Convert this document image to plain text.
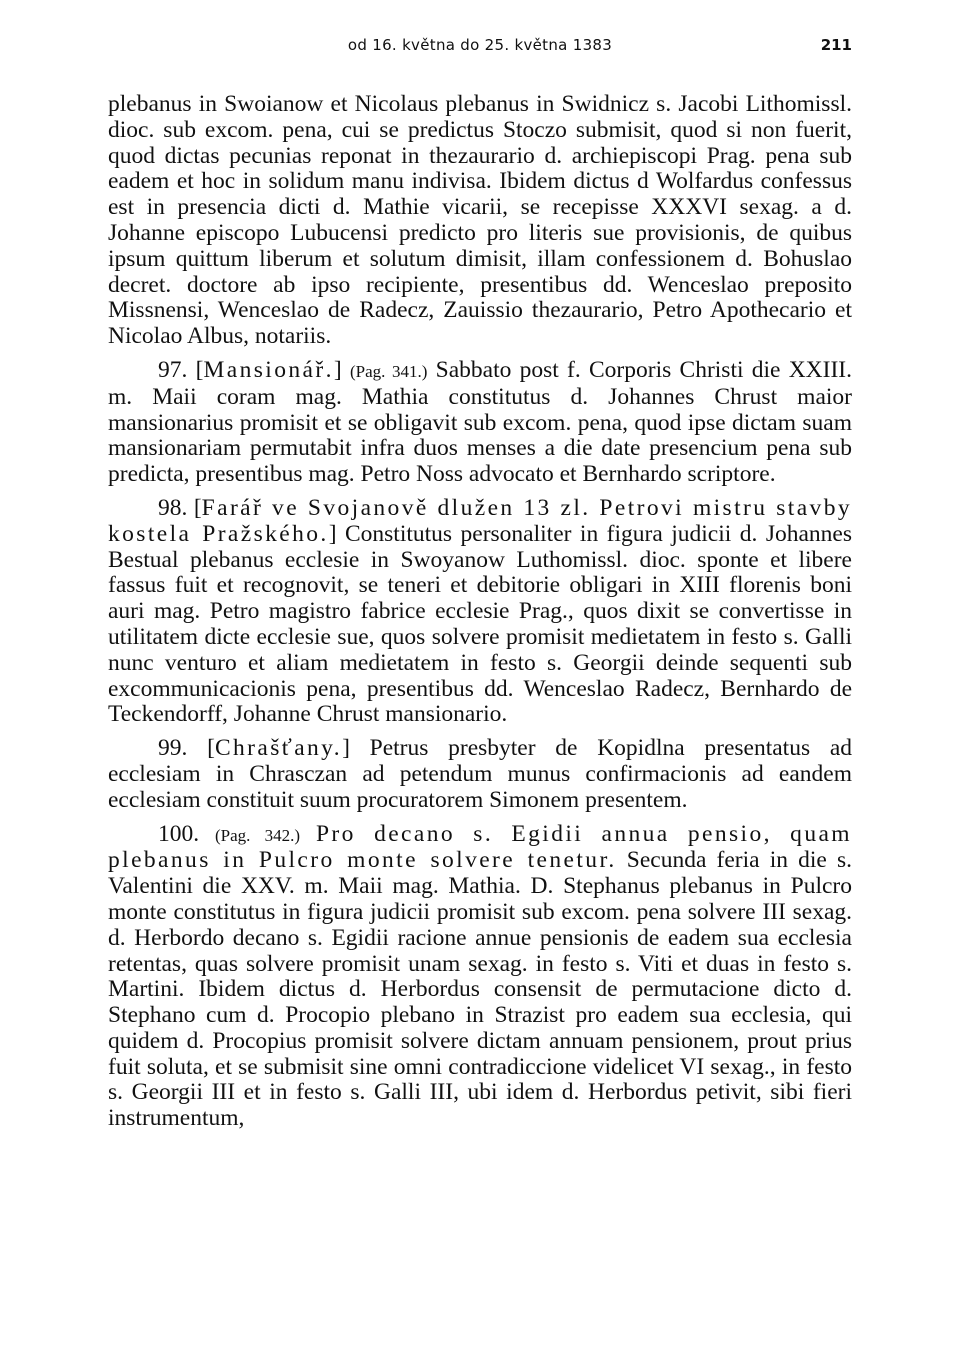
od 16. května do 25. května 1383	211

plebanus in Swoianow et Nicolaus plebanus in Swidnicz s. Jacobi Lithomissl. dioc. sub excom. pena, cui se predictus Stoczo submisit, quod si non fuerit, quod dictas pecunias reponat in thezaurario d. archiepiscopi Prag. pena sub eadem et hoc in solidum manu indivisa. Ibidem dictus d Wolfardus confessus est in presencia dicti d. Mathie vicarii, se recepisse XXXVI sexag. a d. Johanne episcopo Lubucensi predicto pro literis sue provisionis, de quibus ipsum quittum liberum et solutum dimisit, illam confessionem d. Bohuslao decret. doctore ab ipso recipiente, presentibus dd. Wenceslao preposito Missnensi, Wenceslao de Radecz, Zauissio thezaurario, Petro Apothecario et Nicolao Albus, notariis.

97. [Mansionář.] (Pag. 341.) Sabbato post f. Corporis Christi die XXIII. m. Maii coram mag. Mathia constitutus d. Johannes Chrust maior mansionarius promisit et se obligavit sub excom. pena, quod ipse dictam suam mansionariam permutabit infra duos menses a die date presencium pena sub predicta, presentibus mag. Petro Noss advocato et Bernhardo scriptore.

98. [Farář ve Svojanově dlužen 13 zl. Petrovi mistru stavby kostela Pražského.] Constitutus personaliter in figura judicii d. Johannes Bestual plebanus ecclesie in Swoyanow Luthomissl. dioc. sponte et libere fassus fuit et recognovit, se teneri et debitorie obligari in XIII florenis boni auri mag. Petro magistro fabrice ecclesie Prag., quos dixit se convertisse in utilitatem dicte ecclesie sue, quos solvere promisit medietatem in festo s. Galli nunc venturo et aliam medietatem in festo s. Georgii deinde sequenti sub excommunicacionis pena, presentibus dd. Wenceslao Radecz, Bernhardo de Teckendorff, Johanne Chrust mansionario.

99. [Chrašťany.] Petrus presbyter de Kopidlna presentatus ad ecclesiam in Chrasczan ad petendum munus confirmacionis ad eandem ecclesiam constituit suum procuratorem Simonem presentem.

100. (Pag. 342.) Pro decano s. Egidii annua pensio, quam plebanus in Pulcro monte solvere tenetur. Secunda feria in die s. Valentini die XXV. m. Maii mag. Mathia. D. Stephanus plebanus in Pulcro monte constitutus in figura judicii promisit sub excom. pena solvere III sexag. d. Herbordo decano s. Egidii racione annue pensionis de eadem sua ecclesia retentas, quas solvere promisit unam sexag. in festo s. Viti et duas in festo s. Martini. Ibidem dictus d. Herbordus consensit de permutacione dicto d. Stephano cum d. Procopio plebano in Strazist pro eadem sua ecclesia, qui quidem d. Procopius promisit solvere dictam annuam pensionem, prout prius fuit soluta, et se submisit sine omni contradiccione videlicet VI sexag., in festo s. Georgii III et in festo s. Galli III, ubi idem d. Herbordus petivit, sibi fieri instrumentum,
